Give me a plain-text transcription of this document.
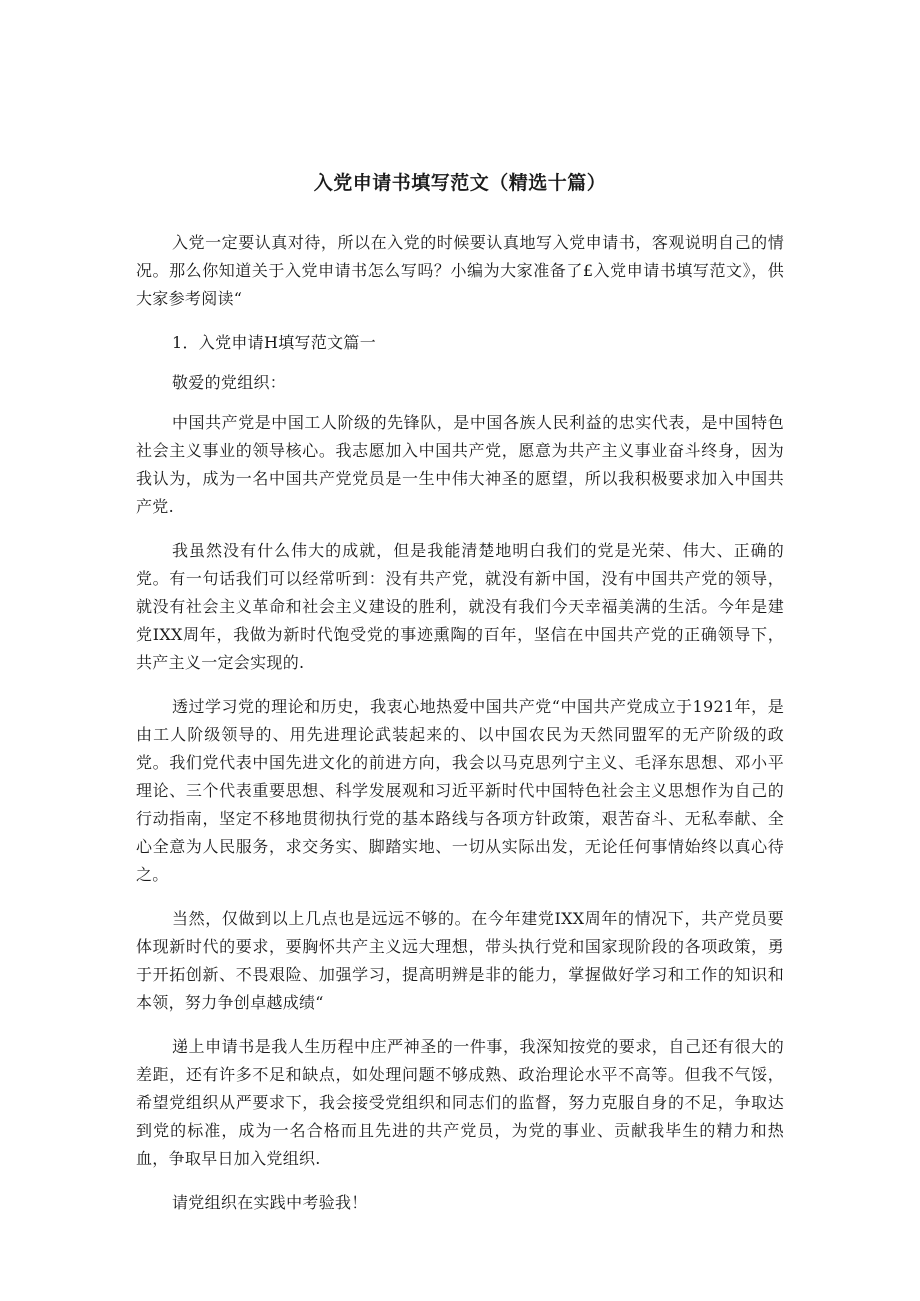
入党申请书填写范文（精选十篇）

入党一定要认真对待，所以在入党的时候要认真地写入党申请书，客观说明自己的情况。那么你知道关于入党申请书怎么写吗？小编为大家准备了£入党申请书填写范文》，供大家参考阅读“

1．入党申请H填写范文篇一

敬爱的党组织：

中国共产党是中国工人阶级的先锋队，是中国各族人民利益的忠实代表，是中国特色社会主义事业的领导核心。我志愿加入中国共产党，愿意为共产主义事业奋斗终身，因为我认为，成为一名中国共产党党员是一生中伟大神圣的愿望，所以我积极要求加入中国共产党.

我虽然没有什么伟大的成就，但是我能清楚地明白我们的党是光荣、伟大、正确的党。有一句话我们可以经常听到：没有共产党，就没有新中国，没有中国共产党的领导，就没有社会主义革命和社会主义建设的胜利，就没有我们今天幸福美满的生活。今年是建党IXX周年，我做为新时代饱受党的事迹熏陶的百年，坚信在中国共产党的正确领导下，共产主义一定会实现的.

透过学习党的理论和历史，我衷心地热爱中国共产党“中国共产党成立于1921年，是由工人阶级领导的、用先进理论武装起来的、以中国农民为天然同盟军的无产阶级的政党。我们党代表中国先进文化的前进方向，我会以马克思列宁主义、毛泽东思想、邓小平理论、三个代表重要思想、科学发展观和习近平新时代中国特色社会主义思想作为自己的行动指南，坚定不移地贯彻执行党的基本路线与各项方针政策，艰苦奋斗、无私奉献、全心全意为人民服务，求交务实、脚踏实地、一切从实际出发，无论任何事情始终以真心待之。

当然，仅做到以上几点也是远远不够的。在今年建党IXX周年的情况下，共产党员要体现新时代的要求，要胸怀共产主义远大理想，带头执行党和国家现阶段的各项政策，勇于开拓创新、不畏艰险、加强学习，提高明辨是非的能力，掌握做好学习和工作的知识和本领，努力争创卓越成绩“

递上申请书是我人生历程中庄严神圣的一件事，我深知按党的要求，自己还有很大的差距，还有许多不足和缺点，如处理问题不够成熟、政治理论水平不高等。但我不气馁，希望党组织从严要求下，我会接受党组织和同志们的监督，努力克服自身的不足，争取达到党的标准，成为一名合格而且先进的共产党员，为党的事业、贡献我毕生的精力和热血，争取早日加入党组织.

请党组织在实践中考验我！
